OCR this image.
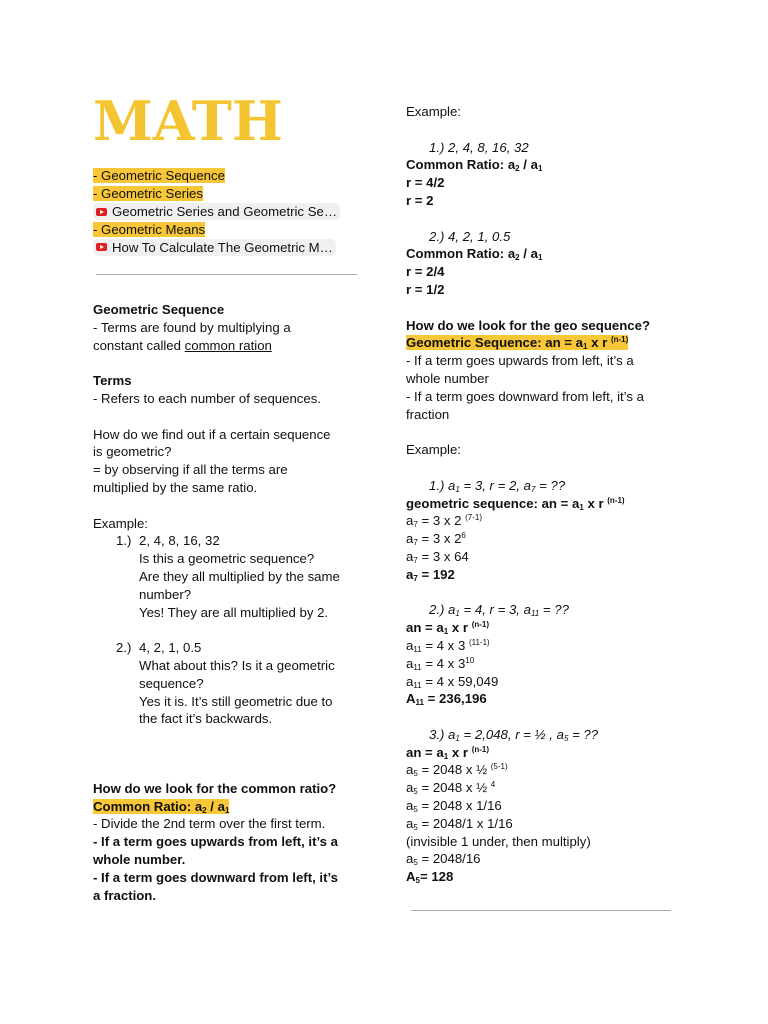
MATH
- Geometric Sequence
- Geometric Series
Geometric Series and Geometric Se…
- Geometric Means
How To Calculate The Geometric M…
Geometric Sequence
- Terms are found by multiplying a
constant called common ration
Terms
- Refers to each number of sequences.
How do we find out if a certain sequence
is geometric?
= by observing if all the terms are
multiplied by the same ratio.
Example:
1.) 2, 4, 8, 16, 32
Is this a geometric sequence?
Are they all multiplied by the same
number?
Yes! They are all multiplied by 2.
2.) 4, 2, 1, 0.5
What about this? Is it a geometric
sequence?
Yes it is. It’s still geometric due to
the fact it’s backwards.
How do we look for the common ratio?
Common Ratio: $a_2 / a_1$
- Divide the 2nd term over the first term.
- If a term goes upwards from left, it’s a
whole number.
- If a term goes downward from left, it’s
a fraction.
Example:
1.) 2, 4, 8, 16, 32
Common Ratio: $a_2 / a_1$
r = 4/2
r = 2
2.) 4, 2, 1, 0.5
Common Ratio: $a_2 / a_1$
r = 2/4
r = 1/2
How do we look for the geo sequence?
Geometric Sequence: an = $a_1$ x r $^{(n-1)}$
- If a term goes upwards from left, it’s a
whole number
- If a term goes downward from left, it’s a
fraction
Example:
1.) $a_1 = 3$, r = 2, $a_7$ = ??
geometric sequence: an = $a_1$ x r $^{(n-1)}$
$a_7 = 3$ x 2 $^{(7-1)}$
$a_7 = 3$ x $2^6$
$a_7 = 3$ x 64
$a_7 = 192$
2.) $a_1 = 4$, r = 3, $a_{11}$ = ??
an = $a_1$ x r $^{(n-1)}$
$a_{11} = 4$ x 3 $^{(11-1)}$
$a_{11} = 4$ x $3^{10}$
$a_{11} = 4$ x 59,049
$A_{11} = 236,196$
3.) $a_1 = 2,048$, r = ½ , $a_5$ = ??
an = $a_1$ x r $^{(n-1)}$
$a_5 = 2048$ x ½ $^{(5-1)}$
$a_5 = 2048$ x ½ $^4$
$a_5 = 2048$ x 1/16
$a_5 = 2048/1$ x 1/16
(invisible 1 under, then multiply)
$a_5 = 2048/16$
$A_5= 128$
